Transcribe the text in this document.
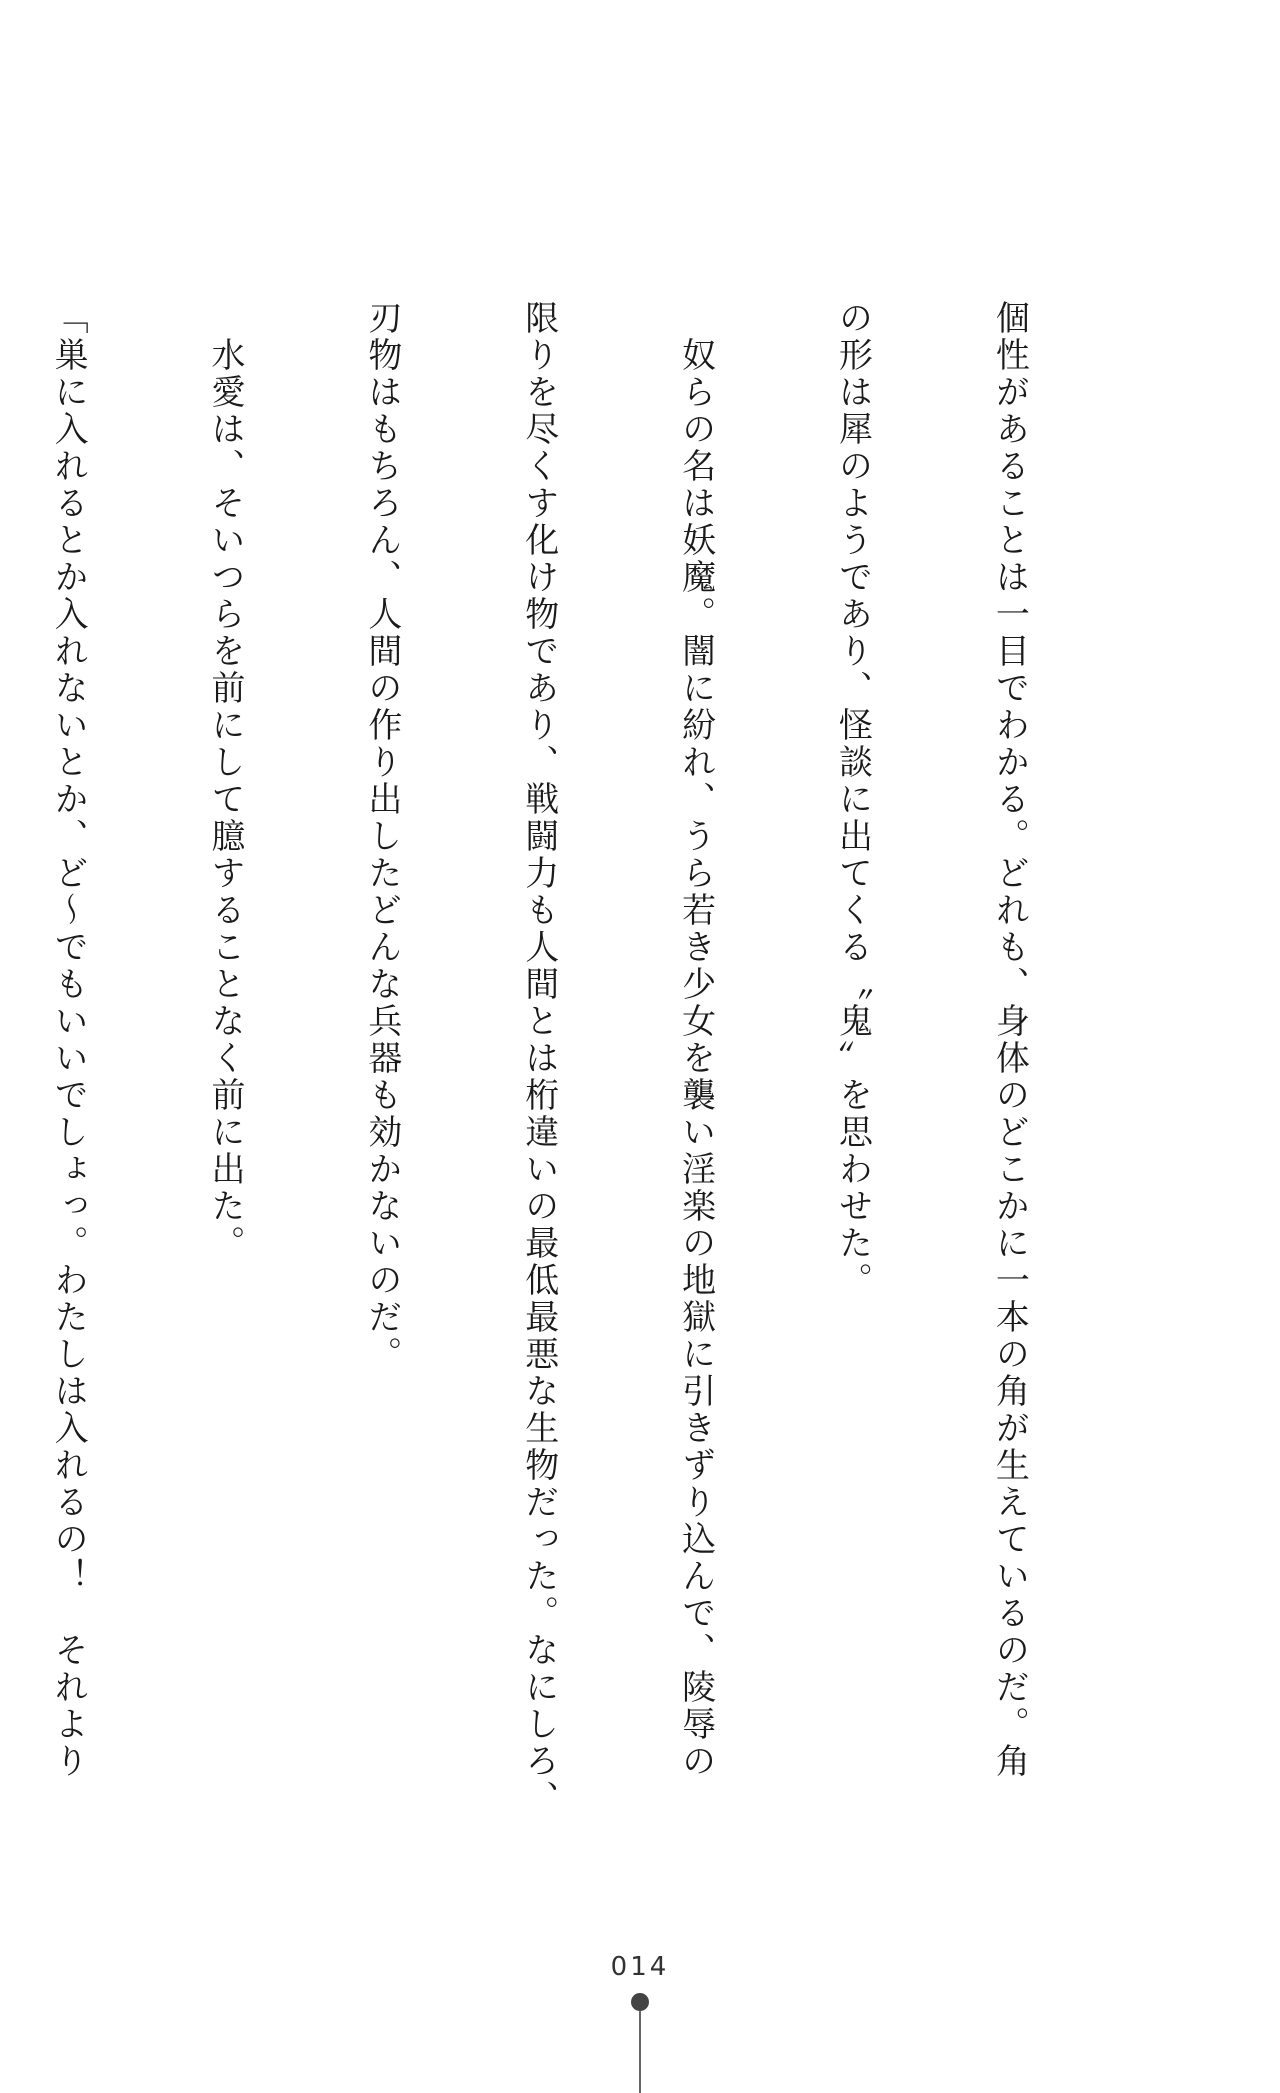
個性があることは一目でわかる。どれも、身体のどこかに一本の角が生えているのだ。角

の形は犀のようであり、怪談に出てくる〝鬼〟を思わせた。

　奴らの名は妖魔。闇に紛れ、うら若き少女を襲い淫楽の地獄に引きずり込んで、陵辱の

限りを尽くす化け物であり、戦闘力も人間とは桁違いの最低最悪な生物だった。なにしろ、

刃物はもちろん、人間の作り出したどんな兵器も効かないのだ。

　水愛は、そいつらを前にして臆することなく前に出た。

「巣に入れるとか入れないとか、ど〜でもいいでしょっ。わたしは入れるの！　それより

014
